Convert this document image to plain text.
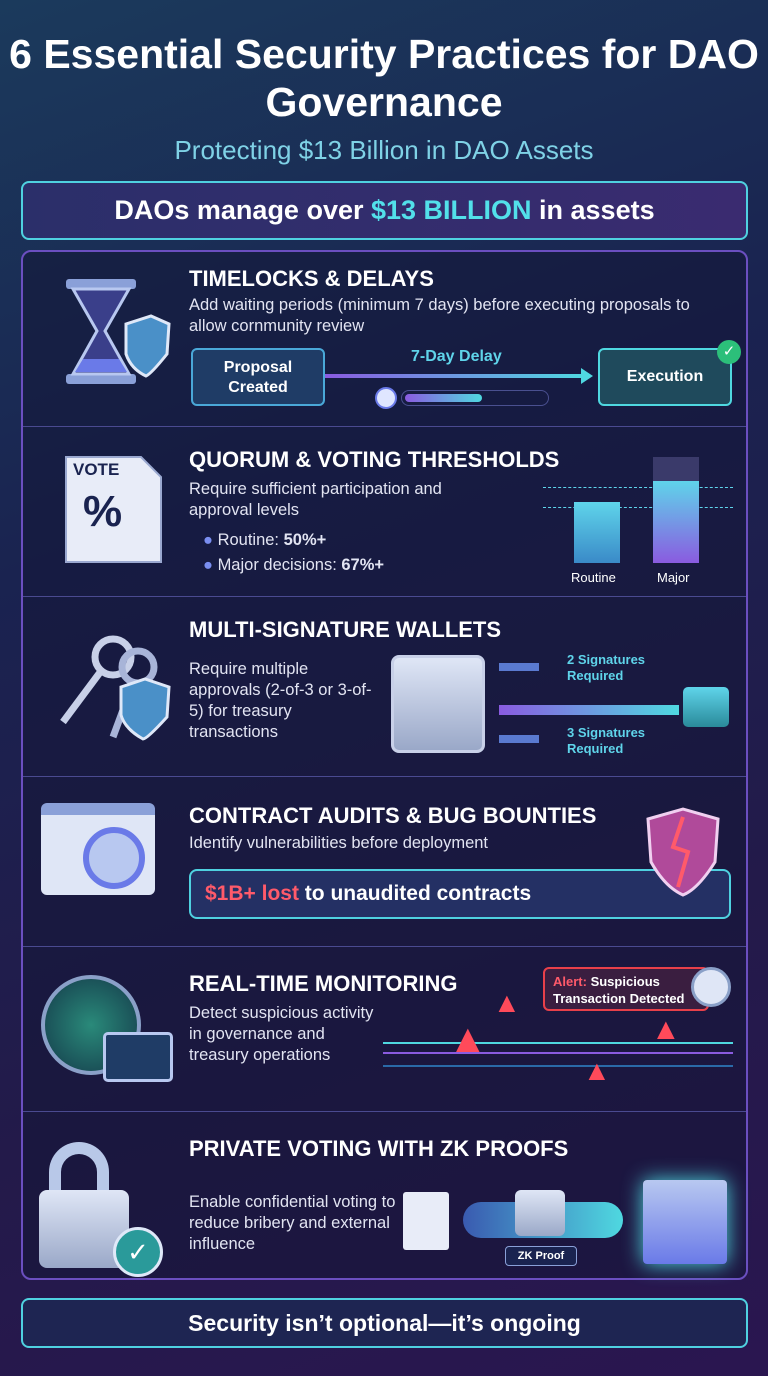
6 Essential Security Practices for DAO Governance
Protecting $13 Billion in DAO Assets
DAOs manage over $13 BILLION in assets
TIMELOCKS & DELAYS
Add waiting periods (minimum 7 days) before executing proposals to allow cornmunity review
Proposal Created
7-Day Delay
Execution
✓
VOTE
%
QUORUM & VOTING THRESHOLDS
Require sufficient participation and approval levels
● Routine: 50%+
● Major decisions: 67%+
Routine	Major
MULTI-SIGNATURE WALLETS
Require multiple approvals (2-of-3 or 3-of-5) for treasury transactions
2 Signatures Required
3 Signatures Required
CONTRACT AUDITS & BUG BOUNTIES
Identify vulnerabilities before deployment
$1B+ lost to unaudited contracts
REAL-TIME MONITORING
Detect suspicious activity in governance and treasury operations
Alert: Suspicious Transaction Detected
▲
▲
▲
▲
✓
PRIVATE VOTING WITH ZK PROOFS
Enable confidential voting to reduce bribery and external influence
ZK Proof
Security isn’t optional—it’s ongoing
